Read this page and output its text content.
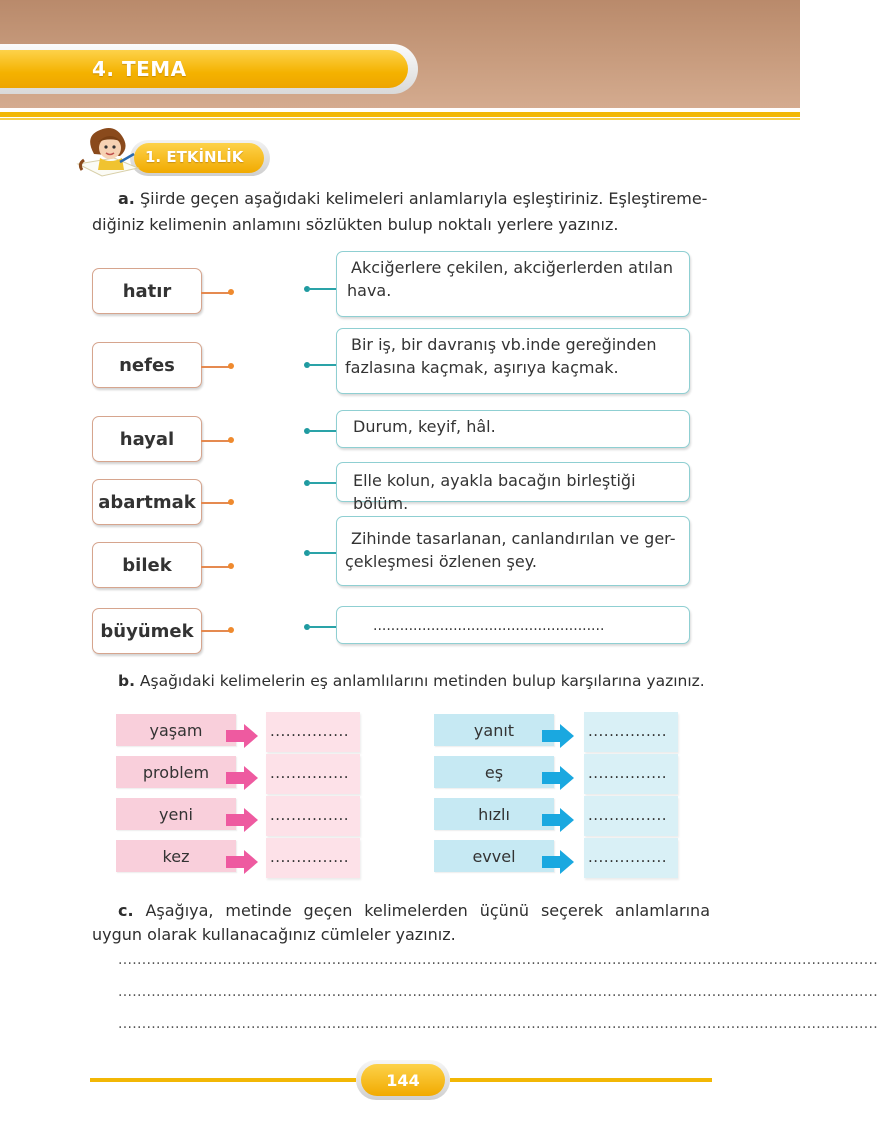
4. TEMA
1. ETKİNLİK
a. Şiirde geçen aşağıdaki kelimeleri anlamlarıyla eşleştiriniz. Eşleştireme-
diğiniz kelimenin anlamını sözlükten bulup noktalı yerlere yazınız.
hatır
nefes
hayal
abartmak
bilek
büyümek
Akciğerlere çekilen, akciğerlerden atılan
hava.
Bir iş, bir davranış vb.inde gereğinden
fazlasına kaçmak, aşırıya kaçmak.
Durum, keyif, hâl.
Elle kolun, ayakla bacağın birleştiği bölüm.
Zihinde tasarlanan, canlandırılan ve ger-
çekleşmesi özlenen şey.
....................................................
b. Aşağıdaki kelimelerin eş anlamlılarını metinden bulup karşılarına yazınız.
yaşam
problem
yeni
kez
...............
...............
...............
...............
yanıt
eş
hızlı
evvel
...............
...............
...............
...............
c. Aşağıya, metinde geçen kelimelerden üçünü seçerek anlamlarına
uygun olarak kullanacağınız cümleler yazınız.
................................................................................................................................................................
................................................................................................................................................................
................................................................................................................................................................
144
